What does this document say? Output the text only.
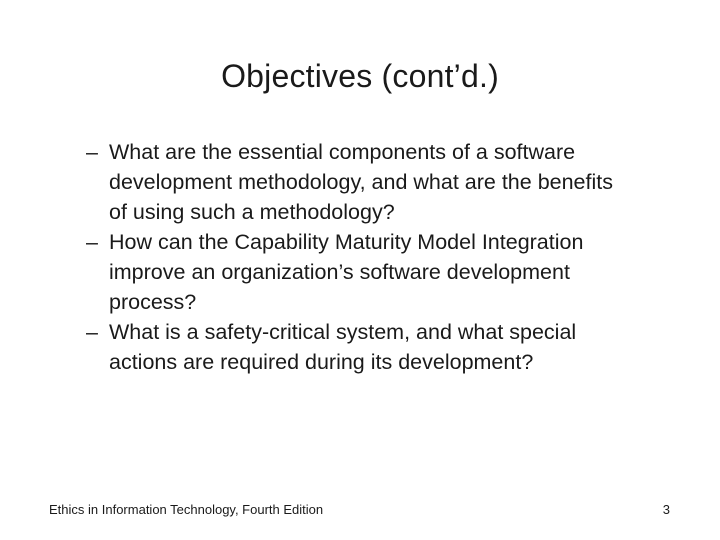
Objectives (cont’d.)
– What are the essential components of a software
development methodology, and what are the benefits
of using such a methodology?
– How can the Capability Maturity Model Integration
improve an organization’s software development
process?
– What is a safety-critical system, and what special
actions are required during its development?
Ethics in Information Technology, Fourth Edition	3
